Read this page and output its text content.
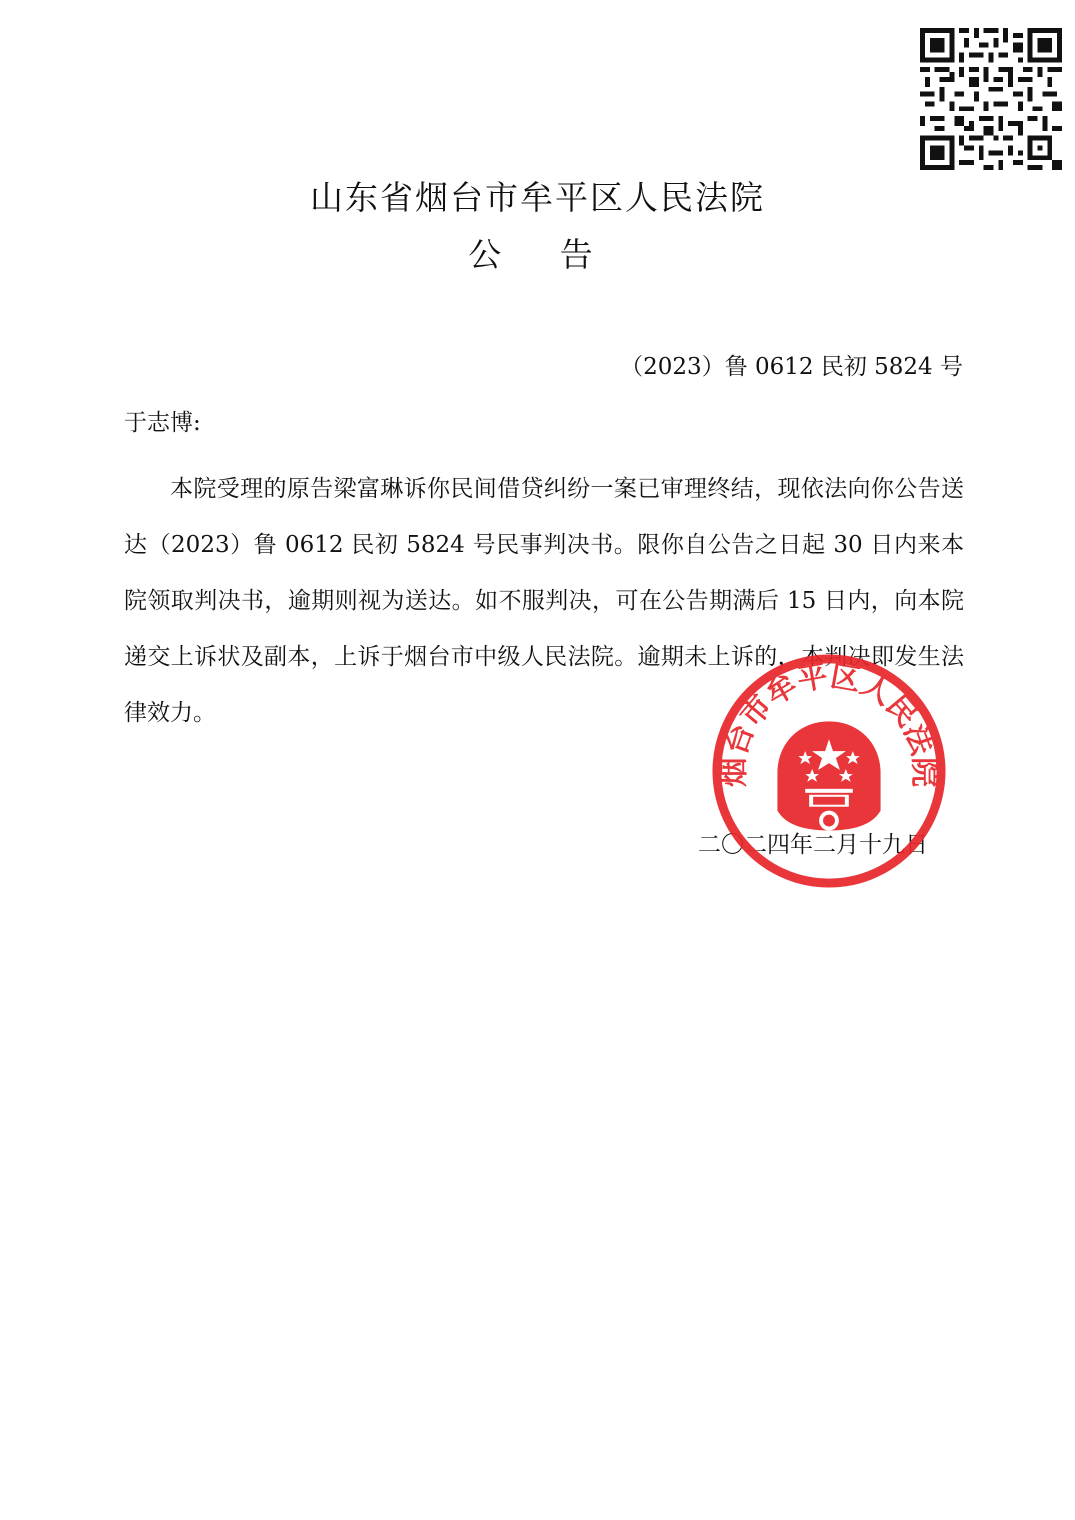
山东省烟台市牟平区人民法院
公 告
（2023）鲁 0612 民初 5824 号
于志博:

本院受理的原告梁富琳诉你民间借贷纠纷一案已审理终结，现依法向你公告送达（2023）鲁 0612 民初 5824 号民事判决书。限你自公告之日起 30 日内来本院领取判决书，逾期则视为送达。如不服判决，可在公告期满后 15 日内，向本院递交上诉状及副本，上诉于烟台市中级人民法院。逾期未上诉的，本判决即发生法律效力。

二〇二四年二月十九日
烟台市牟平区人民法院
